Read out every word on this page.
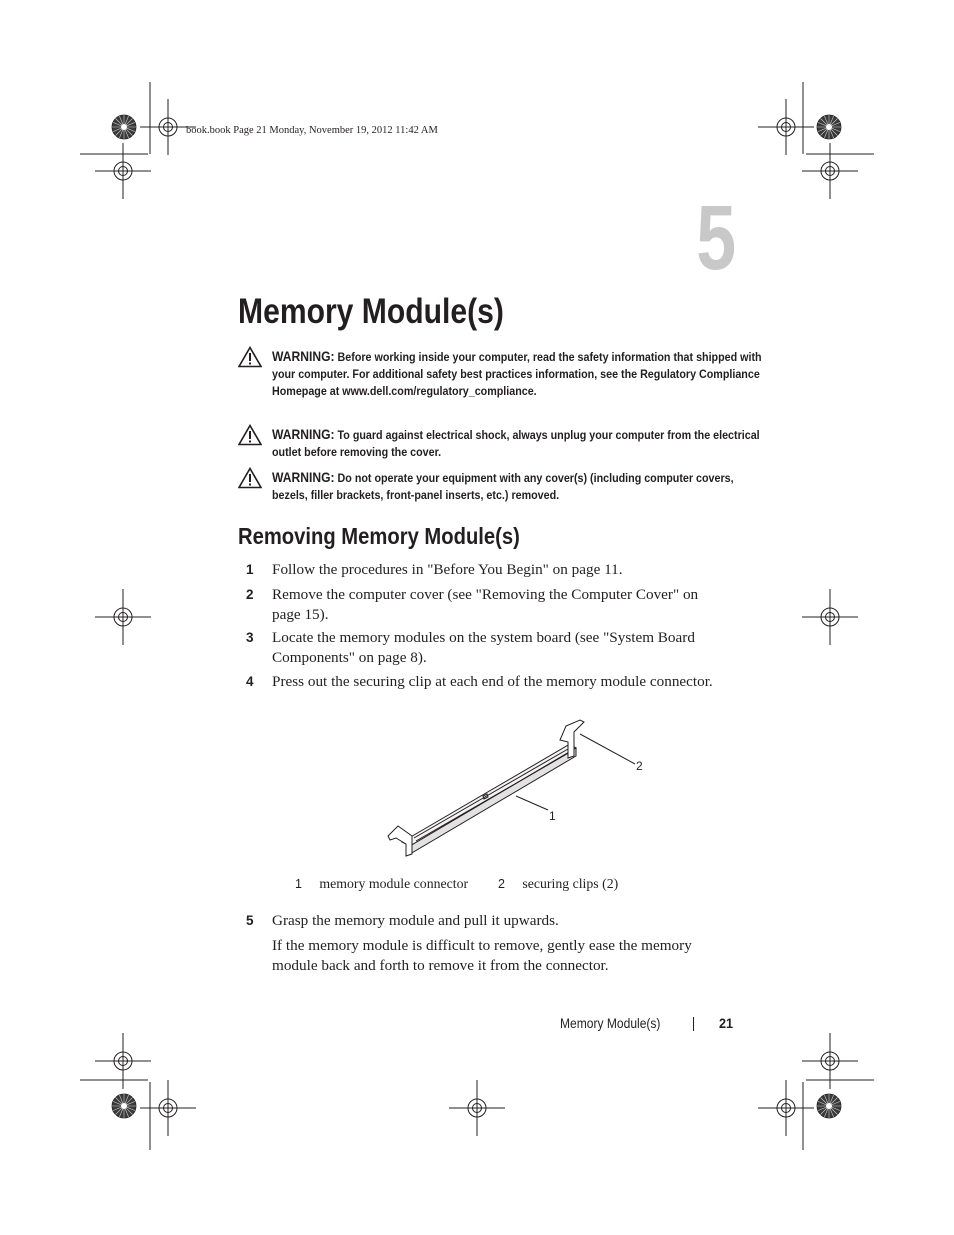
book.book Page 21 Monday, November 19, 2012 11:42 AM
5
Memory Module(s)
WARNING: Before working inside your computer, read the safety information that shipped with your computer. For additional safety best practices information, see the Regulatory Compliance Homepage at www.dell.com/regulatory_compliance.
WARNING: To guard against electrical shock, always unplug your computer from the electrical outlet before removing the cover.
WARNING: Do not operate your equipment with any cover(s) (including computer covers, bezels, filler brackets, front-panel inserts, etc.) removed.
Removing Memory Module(s)
1 Follow the procedures in "Before You Begin" on page 11.
2 Remove the computer cover (see "Removing the Computer Cover" on page 15).
3 Locate the memory modules on the system board (see "System Board Components" on page 8).
4 Press out the securing clip at each end of the memory module connector.
2
1
1 memory module connector 2 securing clips (2)
5 Grasp the memory module and pull it upwards.
If the memory module is difficult to remove, gently ease the memory module back and forth to remove it from the connector.
Memory Module(s)	21
